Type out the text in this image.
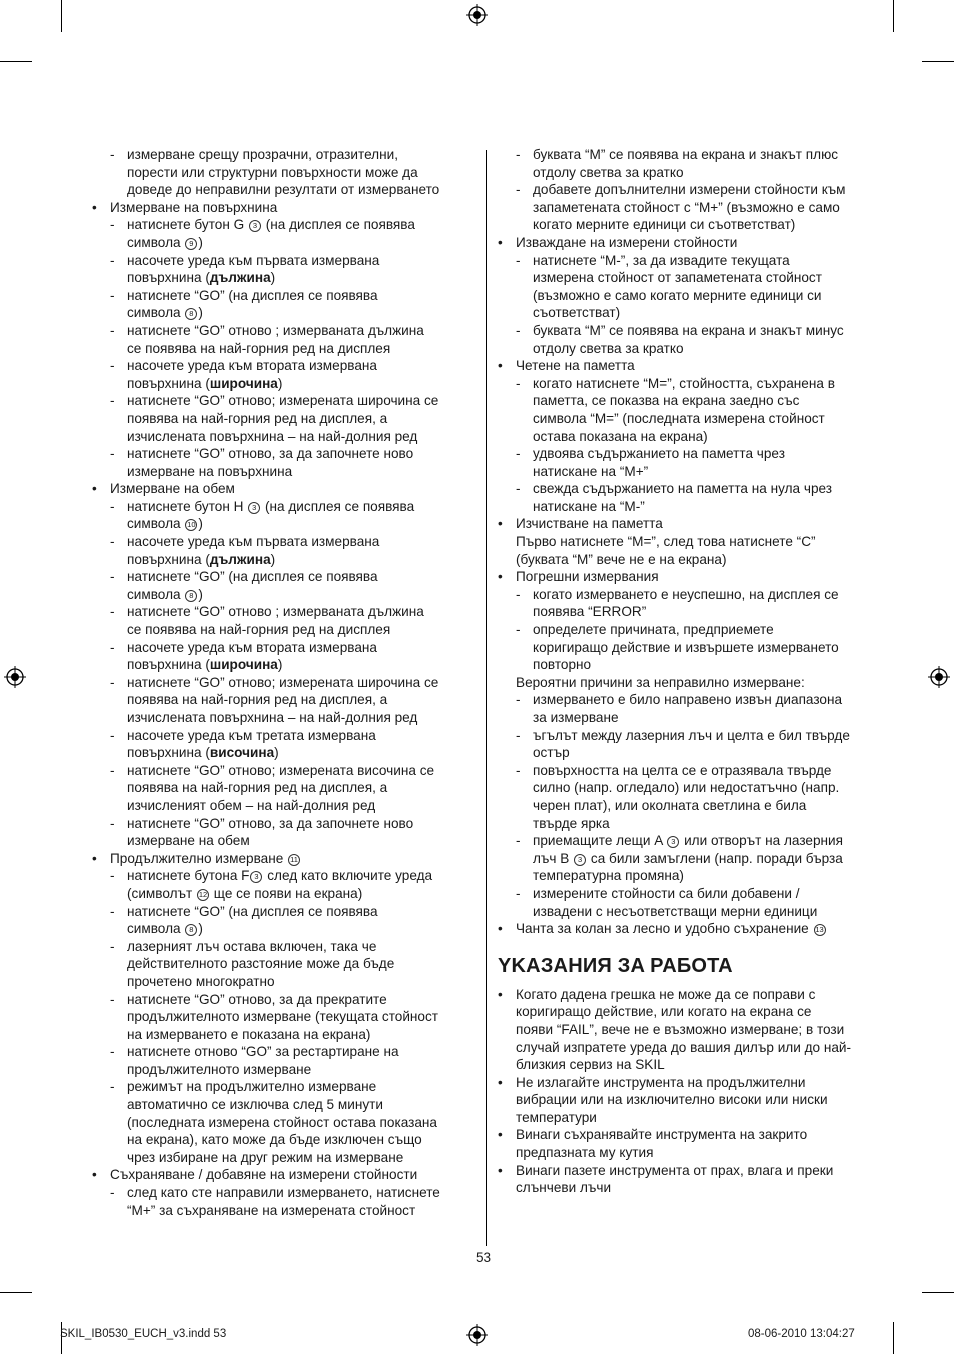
- измерване срещу прозрачни, отразителни,
порести или структурни повърхности може да
доведе до неправилни резултати от измерването
• Измерване на повърхнина
- натиснете бутон G 3 (на дисплея се появява
символа 9 )
- насочете уреда към първата измервана
повърхнина (дължина)
- натиснете “GO” (на дисплея се появява
символа 8 )
- натиснете “GO” отново ; измерваната дължина
се появява на най-горния ред на дисплея
- насочете уреда към втората измервана
повърхнина (широчина)
- натиснете “GO” отново; измерената широчина се
появява на най-горния ред на дисплея, а
изчислената повърхнина – на най-долния ред
- натиснете “GO” отново, за да започнете ново
измерване на повърхнина
• Измерване на обем
- натиснете бутон H 3 (на дисплея се появява
символа 10 )
- насочете уреда към първата измервана
повърхнина (дължина)
- натиснете “GO” (на дисплея се появява
символа 8 )
- натиснете “GO” отново ; измерваната дължина
се появява на най-горния ред на дисплея
- насочете уреда към втората измервана
повърхнина (широчина)
- натиснете “GO” отново; измерената широчина се
появява на най-горния ред на дисплея, а
изчислената повърхнина – на най-долния ред
- насочете уреда към третата измервана
повърхнина (височина)
- натиснете “GO” отново; измерената височина се
появява на най-горния ред на дисплея, а
изчисленият обем – на най-долния ред
- натиснете “GO” отново, за да започнете ново
измерване на обем
• Продължително измерване 11
- натиснете бутона F 3 след като включите уреда
(символът 12 ще се появи на екрана)
- натиснете “GO” (на дисплея се появява
символа 8 )
- лазерният лъч остава включен, така че
действителното разстояние може да бъде
прочетено многократно
- натиснете “GO” отново, за да прекратите
продължителното измерване (текущата стойност
на измерването е показана на екрана)
- натиснете отново “GO” за рестартиране на
продължителното измерване
- режимът на продължително измерване
автоматично се изключва след 5 минути
(последната измерена стойност остава показана
на екрана), като може да бъде изключен също
чрез избиране на друг режим на измерване
• Съхраняване / добавяне на измерени стойности
- след като сте направили измерването, натиснете
“M+” за съхраняване на измерената стойност
- буквата “M” се появява на екрана и знакът плюс
отдолу светва за кратко
- добавете допълнителни измерени стойности към
запаметената стойност с “M+” (възможно е само
когато мерните единици си съответстват)
• Изваждане на измерени стойности
- натиснете “M-”, за да извадите текущата
измерена стойност от запаметената стойност
(възможно е само когато мерните единици си
съответстват)
- буквата “M” се появява на екрана и знакът минус
отдолу светва за кратко
• Четене на паметта
- когато натиснете “M=”, стойността, съхранена в
паметта, се показва на екрана заедно със
символа “M=” (последната измерена стойност
остава показана на екрана)
- удвоява съдържанието на паметта чрез
натискане на “M+”
- свежда съдържанието на паметта на нула чрез
натискане на “M-”
• Изчистване на паметта
Първо натиснете “M=”, след това натиснете “C”
(буквата “M” вече не е на екрана)
• Погрешни измервания
- когато измерването е неуспешно, на дисплея се
появява “ERROR”
- определете причината, предприемете
коригиращо действие и извършете измерването
повторно
Вероятни причини за неправилно измерване:
- измерването е било направено извън диапазона
за измерване
- ъгълът между лазерния лъч и целта е бил твърде
остър
- повърхността на целта се е отразявала твърде
силно (напр. огледало) или недостатъчно (напр.
черен плат), или околната светлина е била
твърде ярка
- приемащите лещи A 3 или отворът на лазерния
лъч B 3 са били замъглени (напр. поради бърза
температурна промяна)
- измерените стойности са били добавени /
извадени с несъответстващи мерни единици
• Чанта за колан за лесно и удобно съхранение 13
YKAЗAHИЯ ЗA PAБOTA
• Когато дадена грешка не може да се поправи с
коригиращо действие, или когато на екрана се
появи “FAIL”, вече не е възможно измерване; в този
случай изпратете уреда до вашия дилър или до най-
близкия сервиз на SKIL
• Не излагайте инструмента на продължителни
вибрации или на изключително високи или ниски
температури
• Винаги съхранявайте инструмента на закрито
предпазната му кутия
• Винаги пазете инструмента от прах, влага и преки
слънчеви лъчи
53
SKIL_IB0530_EUCH_v3.indd 53	08-06-2010 13:04:27
